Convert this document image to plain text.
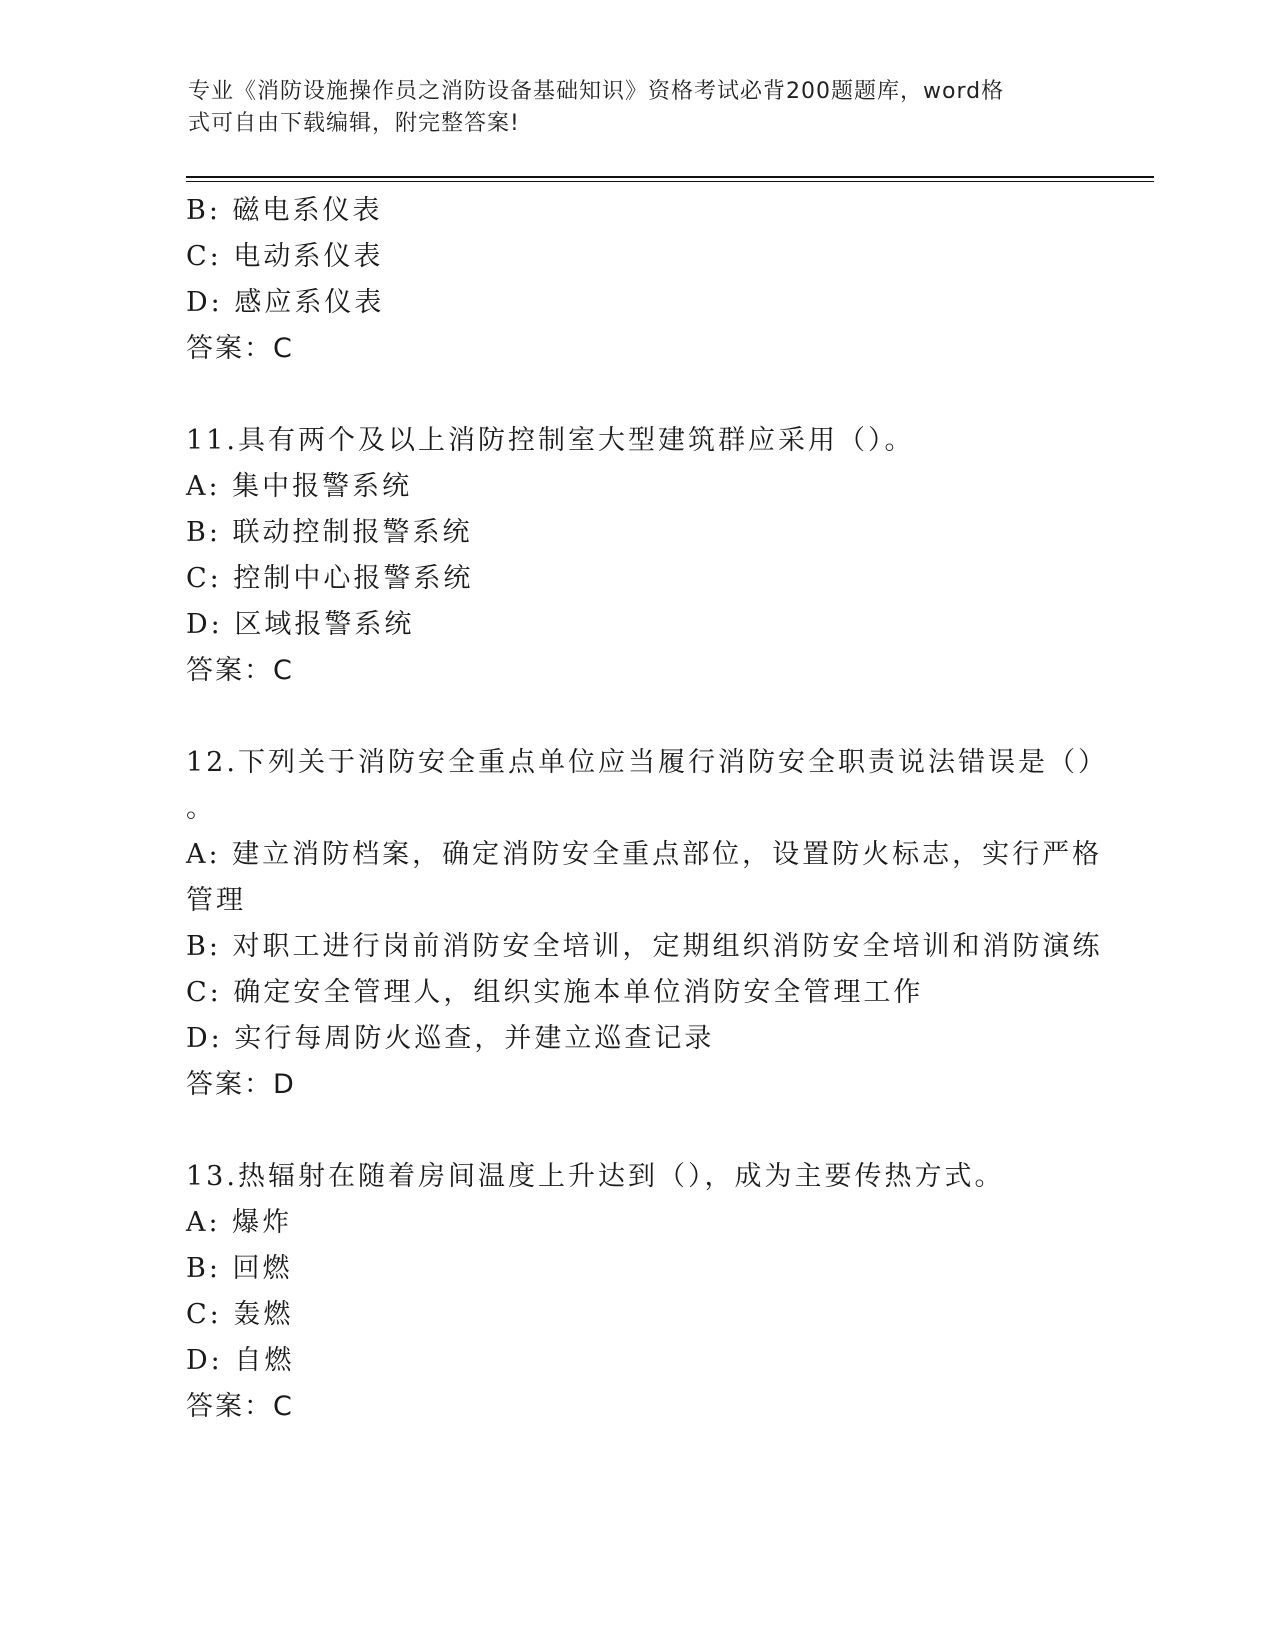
专业《消防设施操作员之消防设备基础知识》资格考试必背200题题库，word格
式可自由下载编辑，附完整答案!
B: 磁电系仪表
C: 电动系仪表
D: 感应系仪表
答案：C
11.具有两个及以上消防控制室大型建筑群应采用（）。
A: 集中报警系统
B: 联动控制报警系统
C: 控制中心报警系统
D: 区域报警系统
答案：C
12.下列关于消防安全重点单位应当履行消防安全职责说法错误是（）
。
A: 建立消防档案，确定消防安全重点部位，设置防火标志，实行严格
管理
B: 对职工进行岗前消防安全培训，定期组织消防安全培训和消防演练
C: 确定安全管理人，组织实施本单位消防安全管理工作
D: 实行每周防火巡查，并建立巡查记录
答案：D
13.热辐射在随着房间温度上升达到（），成为主要传热方式。
A: 爆炸
B: 回燃
C: 轰燃
D: 自燃
答案：C
